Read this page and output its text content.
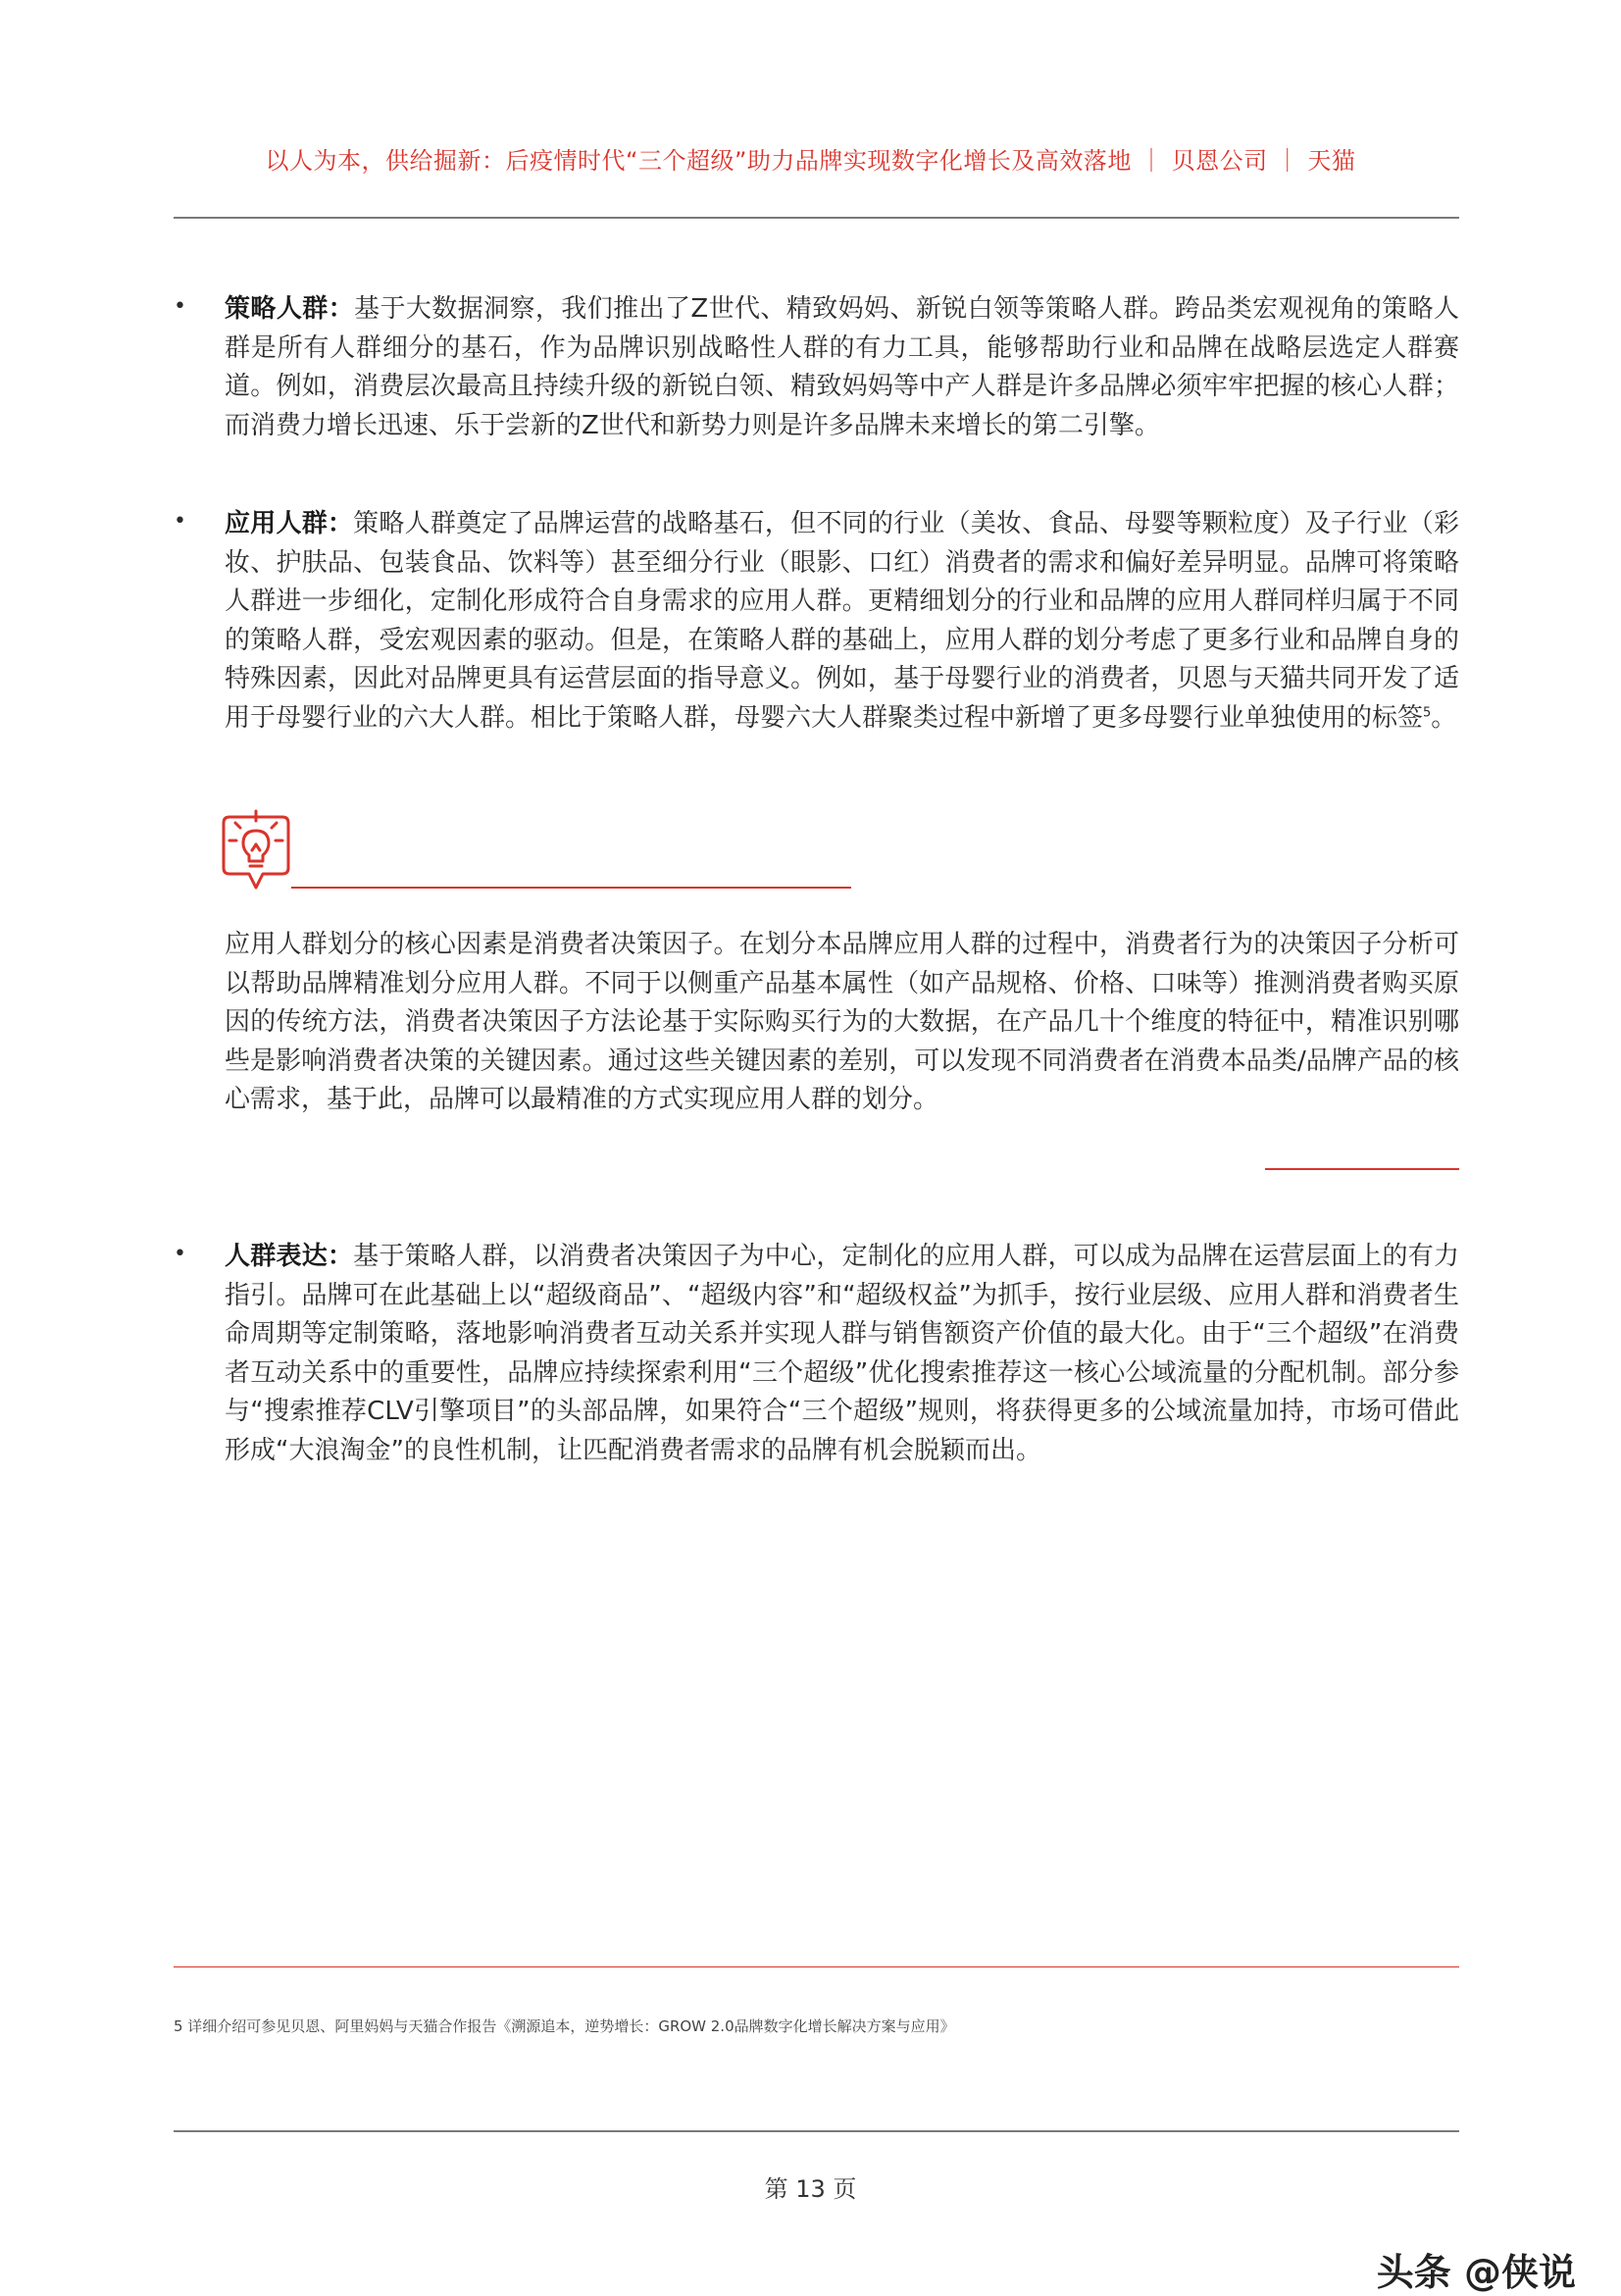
以人为本，供给掘新：后疫情时代“三个超级”助力品牌实现数字化增长及高效落地 ｜ 贝恩公司 ｜ 天猫
• 策略人群：基于大数据洞察，我们推出了Z世代、精致妈妈、新锐白领等策略人群。跨品类宏观视角的策略人群是所有人群细分的基石，作为品牌识别战略性人群的有力工具，能够帮助行业和品牌在战略层选定人群赛道。例如，消费层次最高且持续升级的新锐白领、精致妈妈等中产人群是许多品牌必须牢牢把握的核心人群；而消费力增长迅速、乐于尝新的Z世代和新势力则是许多品牌未来增长的第二引擎。
• 应用人群：策略人群奠定了品牌运营的战略基石，但不同的行业（美妆、食品、母婴等颗粒度）及子行业（彩妆、护肤品、包装食品、饮料等）甚至细分行业（眼影、口红）消费者的需求和偏好差异明显。品牌可将策略人群进一步细化，定制化形成符合自身需求的应用人群。更精细划分的行业和品牌的应用人群同样归属于不同的策略人群，受宏观因素的驱动。但是，在策略人群的基础上，应用人群的划分考虑了更多行业和品牌自身的特殊因素，因此对品牌更具有运营层面的指导意义。例如，基于母婴行业的消费者，贝恩与天猫共同开发了适用于母婴行业的六大人群。相比于策略人群，母婴六大人群聚类过程中新增了更多母婴行业单独使用的标签$^5$。
应用人群划分的核心因素是消费者决策因子。在划分本品牌应用人群的过程中，消费者行为的决策因子分析可以帮助品牌精准划分应用人群。不同于以侧重产品基本属性（如产品规格、价格、口味等）推测消费者购买原因的传统方法，消费者决策因子方法论基于实际购买行为的大数据，在产品几十个维度的特征中，精准识别哪些是影响消费者决策的关键因素。通过这些关键因素的差别，可以发现不同消费者在消费本品类/品牌产品的核心需求，基于此，品牌可以最精准的方式实现应用人群的划分。
• 人群表达：基于策略人群，以消费者决策因子为中心，定制化的应用人群，可以成为品牌在运营层面上的有力指引。品牌可在此基础上以“超级商品”、“超级内容”和“超级权益”为抓手，按行业层级、应用人群和消费者生命周期等定制策略，落地影响消费者互动关系并实现人群与销售额资产价值的最大化。由于“三个超级”在消费者互动关系中的重要性，品牌应持续探索利用“三个超级”优化搜索推荐这一核心公域流量的分配机制。部分参与“搜索推荐CLV引擎项目”的头部品牌，如果符合“三个超级”规则，将获得更多的公域流量加持，市场可借此形成“大浪淘金”的良性机制，让匹配消费者需求的品牌有机会脱颖而出。
5 详细介绍可参见贝恩、阿里妈妈与天猫合作报告《溯源追本，逆势增长：GROW 2.0品牌数字化增长解决方案与应用》
第 13 页
头条 @侠说
